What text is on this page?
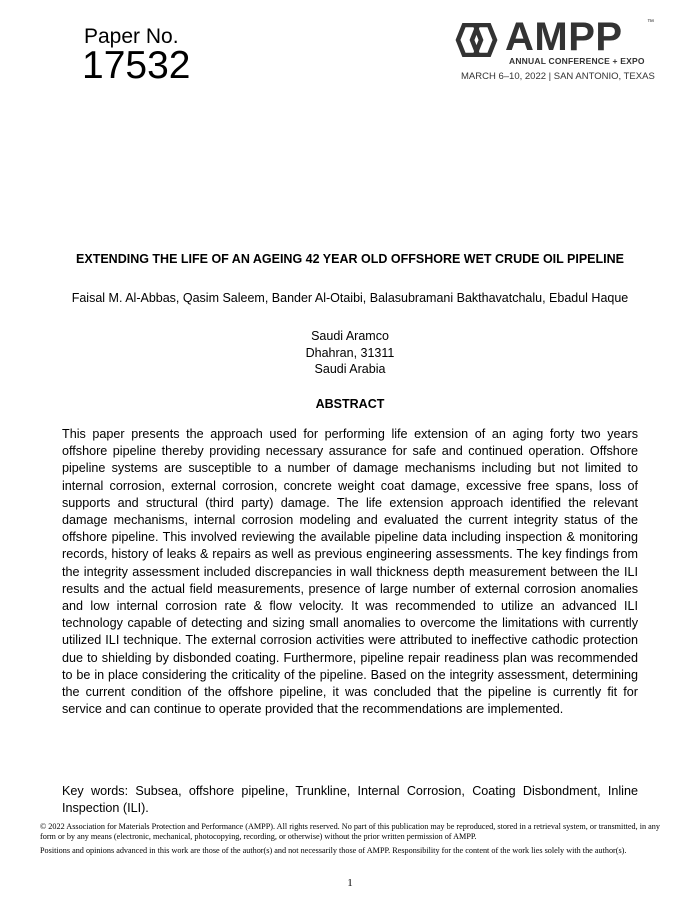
Paper No.
17532
AMPP	™
ANNUAL CONFERENCE + EXPO
MARCH 6–10, 2022 | SAN ANTONIO, TEXAS
EXTENDING THE LIFE OF AN AGEING 42 YEAR OLD OFFSHORE WET CRUDE OIL PIPELINE
Faisal M. Al-Abbas, Qasim Saleem, Bander Al-Otaibi, Balasubramani Bakthavatchalu, Ebadul Haque
Saudi Aramco
Dhahran, 31311
Saudi Arabia
ABSTRACT
This paper presents the approach used for performing life extension of an aging forty two years offshore pipeline thereby providing necessary assurance for safe and continued operation. Offshore pipeline systems are susceptible to a number of damage mechanisms including but not limited to internal corrosion, external corrosion, concrete weight coat damage, excessive free spans, loss of supports and structural (third party) damage. The life extension approach identified the relevant damage mechanisms, internal corrosion modeling and evaluated the current integrity status of the offshore pipeline. This involved reviewing the available pipeline data including inspection & monitoring records, history of leaks & repairs as well as previous engineering assessments. The key findings from the integrity assessment included discrepancies in wall thickness depth measurement between the ILI results and the actual field measurements, presence of large number of external corrosion anomalies and low internal corrosion rate & flow velocity. It was recommended to utilize an advanced ILI technology capable of detecting and sizing small anomalies to overcome the limitations with currently utilized ILI technique. The external corrosion activities were attributed to ineffective cathodic protection due to shielding by disbonded coating. Furthermore, pipeline repair readiness plan was recommended to be in place considering the criticality of the pipeline. Based on the integrity assessment, determining the current condition of the offshore pipeline, it was concluded that the pipeline is currently fit for service and can continue to operate provided that the recommendations are implemented.
Key words: Subsea, offshore pipeline, Trunkline, Internal Corrosion, Coating Disbondment, Inline Inspection (ILI).

© 2022 Association for Materials Protection and Performance (AMPP). All rights reserved. No part of this publication may be reproduced, stored in a retrieval system, or transmitted, in any form or by any means (electronic, mechanical, photocopying, recording, or otherwise) without the prior written permission of AMPP.

Positions and opinions advanced in this work are those of the author(s) and not necessarily those of AMPP. Responsibility for the content of the work lies solely with the author(s).

1
